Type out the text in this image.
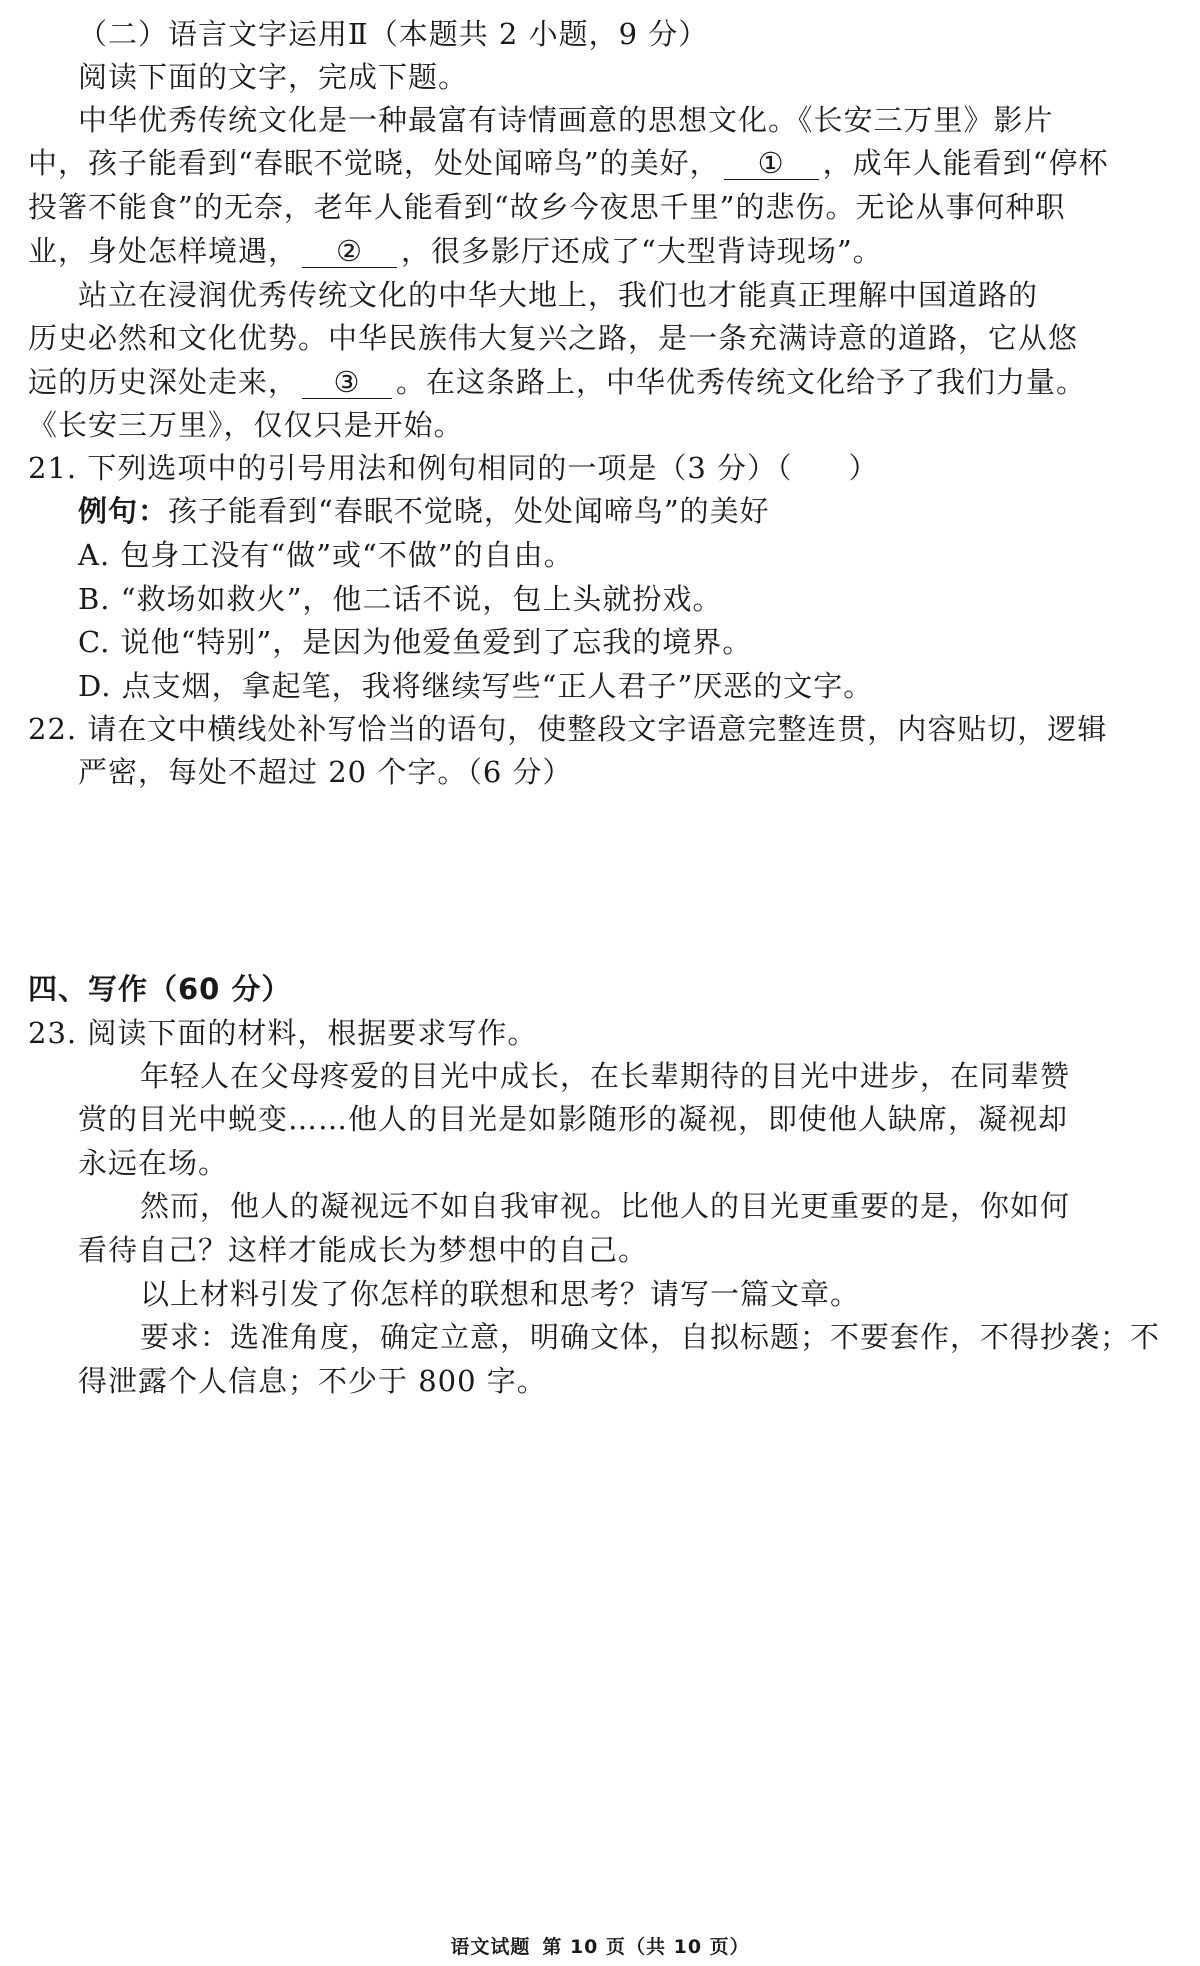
（二）语言文字运用Ⅱ（本题共 2 小题，9 分）
阅读下面的文字，完成下题。
中华优秀传统文化是一种最富有诗情画意的思想文化。《长安三万里》影片
中，孩子能看到“春眠不觉晓，处处闻啼鸟”的美好， ① ，成年人能看到“停杯
投箸不能食”的无奈，老年人能看到“故乡今夜思千里”的悲伤。无论从事何种职
业，身处怎样境遇， ② ，很多影厅还成了“大型背诗现场”。
站立在浸润优秀传统文化的中华大地上，我们也才能真正理解中国道路的
历史必然和文化优势。中华民族伟大复兴之路，是一条充满诗意的道路，它从悠
远的历史深处走来， ③ 。在这条路上，中华优秀传统文化给予了我们力量。
《长安三万里》，仅仅只是开始。
21. 下列选项中的引号用法和例句相同的一项是（3 分）（ ）
例句：孩子能看到“春眠不觉晓，处处闻啼鸟”的美好
A. 包身工没有“做”或“不做”的自由。
B. “救场如救火”，他二话不说，包上头就扮戏。
C. 说他“特别”，是因为他爱鱼爱到了忘我的境界。
D. 点支烟，拿起笔，我将继续写些“正人君子”厌恶的文字。
22. 请在文中横线处补写恰当的语句，使整段文字语意完整连贯，内容贴切，逻辑
严密，每处不超过 20 个字。（6 分）
四、写作（60 分）
23. 阅读下面的材料，根据要求写作。
年轻人在父母疼爱的目光中成长，在长辈期待的目光中进步，在同辈赞
赏的目光中蜕变……他人的目光是如影随形的凝视，即使他人缺席，凝视却
永远在场。
然而，他人的凝视远不如自我审视。比他人的目光更重要的是，你如何
看待自己？这样才能成长为梦想中的自己。
以上材料引发了你怎样的联想和思考？请写一篇文章。
要求：选准角度，确定立意，明确文体，自拟标题；不要套作，不得抄袭；不
得泄露个人信息；不少于 800 字。
语文试题 第 10 页（共 10 页）
